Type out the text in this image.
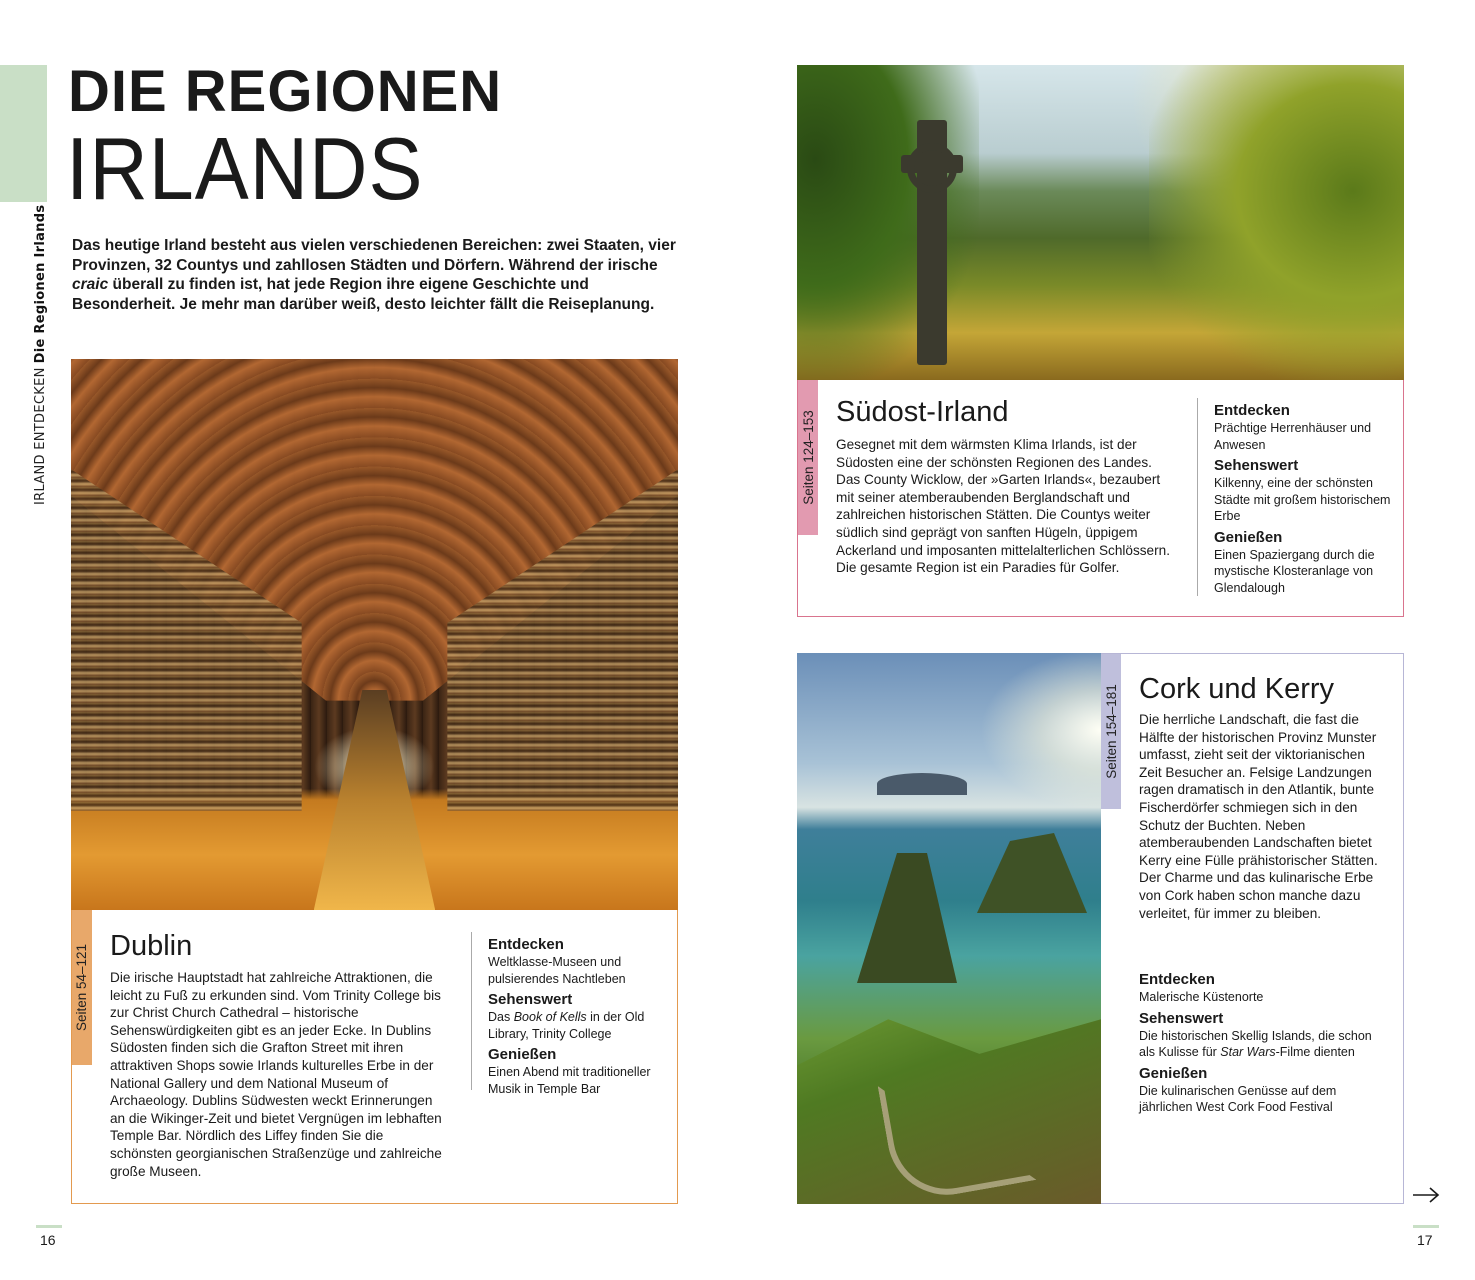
IRLAND ENTDECKENDie Regionen Irlands
DIE REGIONEN
IRLANDS

Das heutige Irland besteht aus vielen verschiedenen Bereichen: zwei Staaten, vier Provinzen, 32 Countys und zahllosen Städten und Dörfern. Während der irische craic überall zu finden ist, hat jede Region ihre eigene Geschichte und Besonderheit. Je mehr man darüber weiß, desto leichter fällt die Reiseplanung.

Seiten 54–121 Dublin
Die irische Hauptstadt hat zahlreiche Attraktionen, die leicht zu Fuß zu erkunden sind. Vom Trinity College bis zur Christ Church Cathedral – historische Sehenswürdigkeiten gibt es an jeder Ecke. In Dublins Südosten finden sich die Grafton Street mit ihren attraktiven Shops sowie Irlands kulturelles Erbe in der National Gallery und dem National Museum of Archaeology. Dublins Südwesten weckt Erinnerungen an die Wikinger-Zeit und bietet Vergnügen im lebhaften Temple Bar. Nördlich des Liffey finden Sie die schönsten georgianischen Straßenzüge und zahlreiche große Museen.
Entdecken
Weltklasse-Museen und pulsierendes Nachtleben
Sehenswert
Das Book of Kells in der Old Library, Trinity College
Genießen
Einen Abend mit traditioneller Musik in Temple Bar
Seiten 124–153 Südost-Irland
Gesegnet mit dem wärmsten Klima Irlands, ist der Südosten eine der schönsten Regionen des Landes. Das County Wicklow, der »Garten Irlands«, bezaubert mit seiner atemberaubenden Berglandschaft und zahlreichen historischen Stätten. Die Countys weiter südlich sind geprägt von sanften Hügeln, üppigem Ackerland und imposanten mittelalterlichen Schlössern. Die gesamte Region ist ein Paradies für Golfer.
Entdecken
Prächtige Herrenhäuser und Anwesen
Sehenswert
Kilkenny, eine der schönsten Städte mit großem historischem Erbe
Genießen
Einen Spaziergang durch die mystische Klosteranlage von Glendalough
Seiten 154–181 Cork und Kerry
Die herrliche Landschaft, die fast die Hälfte der historischen Provinz Munster umfasst, zieht seit der viktorianischen Zeit Besucher an. Felsige Landzungen ragen dramatisch in den Atlantik, bunte Fischerdörfer schmiegen sich in den Schutz der Buchten. Neben atemberaubenden Landschaften bietet Kerry eine Fülle prähistorischer Stätten. Der Charme und das kulinarische Erbe von Cork haben schon manche dazu verleitet, für immer zu bleiben.
Entdecken
Malerische Küstenorte
Sehenswert
Die historischen Skellig Islands, die schon als Kulisse für Star Wars-Filme dienten
Genießen
Die kulinarischen Genüsse auf dem jährlichen West Cork Food Festival
16	17
